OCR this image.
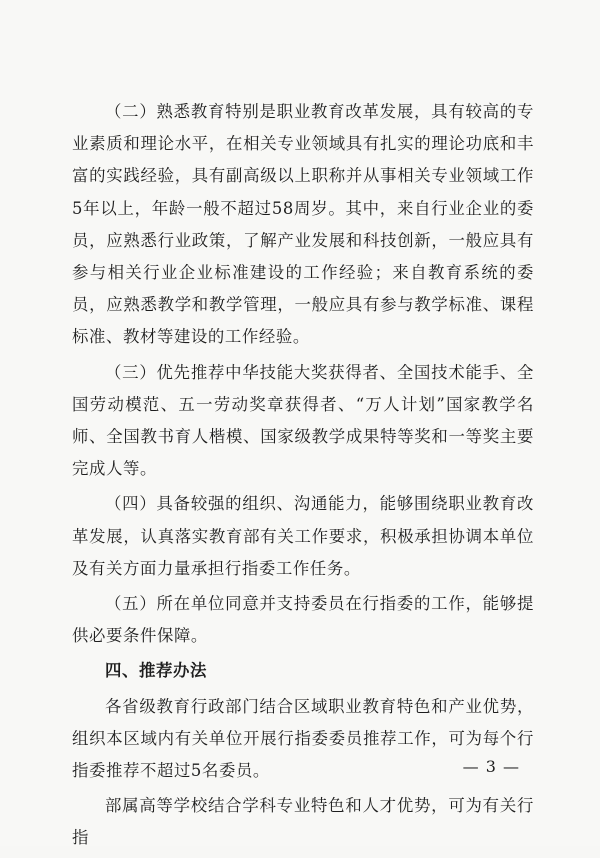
（二）熟悉教育特别是职业教育改革发展，具有较高的专业素质和理论水平，在相关专业领域具有扎实的理论功底和丰富的实践经验，具有副高级以上职称并从事相关专业领域工作5年以上，年龄一般不超过58周岁。其中，来自行业企业的委员，应熟悉行业政策，了解产业发展和科技创新，一般应具有参与相关行业企业标准建设的工作经验；来自教育系统的委员，应熟悉教学和教学管理，一般应具有参与教学标准、课程标准、教材等建设的工作经验。

（三）优先推荐中华技能大奖获得者、全国技术能手、全国劳动模范、五一劳动奖章获得者、“万人计划”国家教学名师、全国教书育人楷模、国家级教学成果特等奖和一等奖主要完成人等。

（四）具备较强的组织、沟通能力，能够围绕职业教育改革发展，认真落实教育部有关工作要求，积极承担协调本单位及有关方面力量承担行指委工作任务。

（五）所在单位同意并支持委员在行指委的工作，能够提供必要条件保障。

四、推荐办法

各省级教育行政部门结合区域职业教育特色和产业优势，组织本区域内有关单位开展行指委委员推荐工作，可为每个行指委推荐不超过5名委员。

部属高等学校结合学科专业特色和人才优势，可为有关行指

— 3 —
